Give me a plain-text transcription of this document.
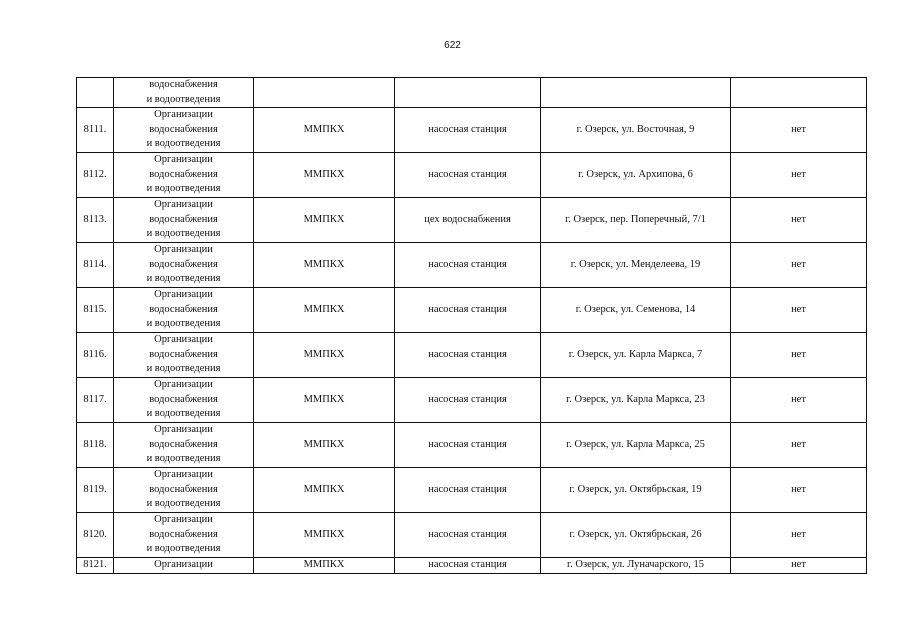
622

	водоснабжения
и водоотведения				

8111.	Организации
водоснабжения
и водоотведения	ММПКХ	насосная станция	г. Озерск, ул. Восточная, 9	нет
8112.	Организации
водоснабжения
и водоотведения	ММПКХ	насосная станция	г. Озерск, ул. Архипова, 6	нет
8113.	Организации
водоснабжения
и водоотведения	ММПКХ	цех водоснабжения	г. Озерск, пер. Поперечный, 7/1	нет
8114.	Организации
водоснабжения
и водоотведения	ММПКХ	насосная станция	г. Озерск, ул. Менделеева, 19	нет
8115.	Организации
водоснабжения
и водоотведения	ММПКХ	насосная станция	г. Озерск, ул. Семенова, 14	нет
8116.	Организации
водоснабжения
и водоотведения	ММПКХ	насосная станция	г. Озерск, ул. Карла Маркса, 7	нет
8117.	Организации
водоснабжения
и водоотведения	ММПКХ	насосная станция	г. Озерск, ул. Карла Маркса, 23	нет
8118.	Организации
водоснабжения
и водоотведения	ММПКХ	насосная станция	г. Озерск, ул. Карла Маркса, 25	нет
8119.	Организации
водоснабжения
и водоотведения	ММПКХ	насосная станция	г. Озерск, ул. Октябрьская, 19	нет
8120.	Организации
водоснабжения
и водоотведения	ММПКХ	насосная станция	г. Озерск, ул. Октябрьская, 26	нет
8121.	Организации	ММПКХ	насосная станция	г. Озерск, ул. Луначарского, 15	нет
